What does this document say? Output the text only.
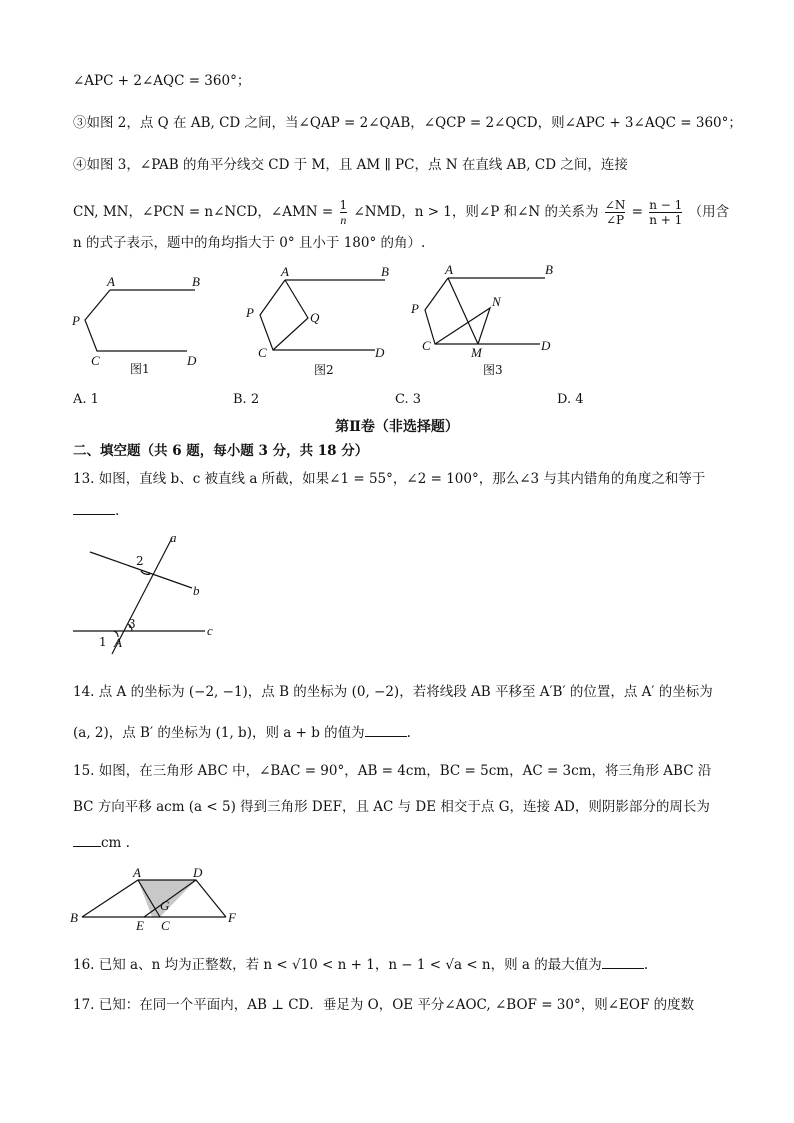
∠APC + 2∠AQC = 360°；
③如图 2，点 Q 在 AB, CD 之间，当∠QAP = 2∠QAB，∠QCP = 2∠QCD，则∠APC + 3∠AQC = 360°；
④如图 3，∠PAB 的角平分线交 CD 于 M，且 AM ∥ PC，点 N 在直线 AB, CD 之间，连接
CN, MN，∠PCN = n∠NCD，∠AMN = $\frac{1}{n}$ ∠NMD，n > 1，则∠P 和∠N 的关系为 $\frac{\angle N}{\angle P} = \frac{n - 1}{n + 1}$ （用含
n 的式子表示，题中的角均指大于 0° 且小于 180° 的角）.
A	B
P
C	D
图1
A	B
P	Q
C	D
图2
A	B
P	N
C	M	D
图3
A. 1	B. 2	C. 3	D. 4
第Ⅱ卷（非选择题）
二、填空题（共 6 题，每小题 3 分，共 18 分）
13. 如图，直线 b、c 被直线 a 所截，如果∠1 = 55°，∠2 = 100°，那么∠3 与其内错角的角度之和等于
.
a
b
c
2
3
1 A
14. 点 A 的坐标为 (−2, −1)，点 B 的坐标为 (0, −2)，若将线段 AB 平移至 A′B′ 的位置，点 A′ 的坐标为
(a, 2)，点 B′ 的坐标为 (1, b)，则 a + b 的值为	.
15. 如图，在三角形 ABC 中，∠BAC = 90°，AB = 4cm，BC = 5cm，AC = 3cm，将三角形 ABC 沿
BC 方向平移 acm (a < 5) 得到三角形 DEF，且 AC 与 DE 相交于点 G，连接 AD，则阴影部分的周长为
cm .
A	D
G
B
E C
F
16. 已知 a、n 均为正整数，若 n < √10 < n + 1，n − 1 < √a < n，则 a 的最大值为	.
17. 已知：在同一个平面内，AB ⊥ CD．垂足为 O，OE 平分∠AOC, ∠BOF = 30°，则∠EOF 的度数
